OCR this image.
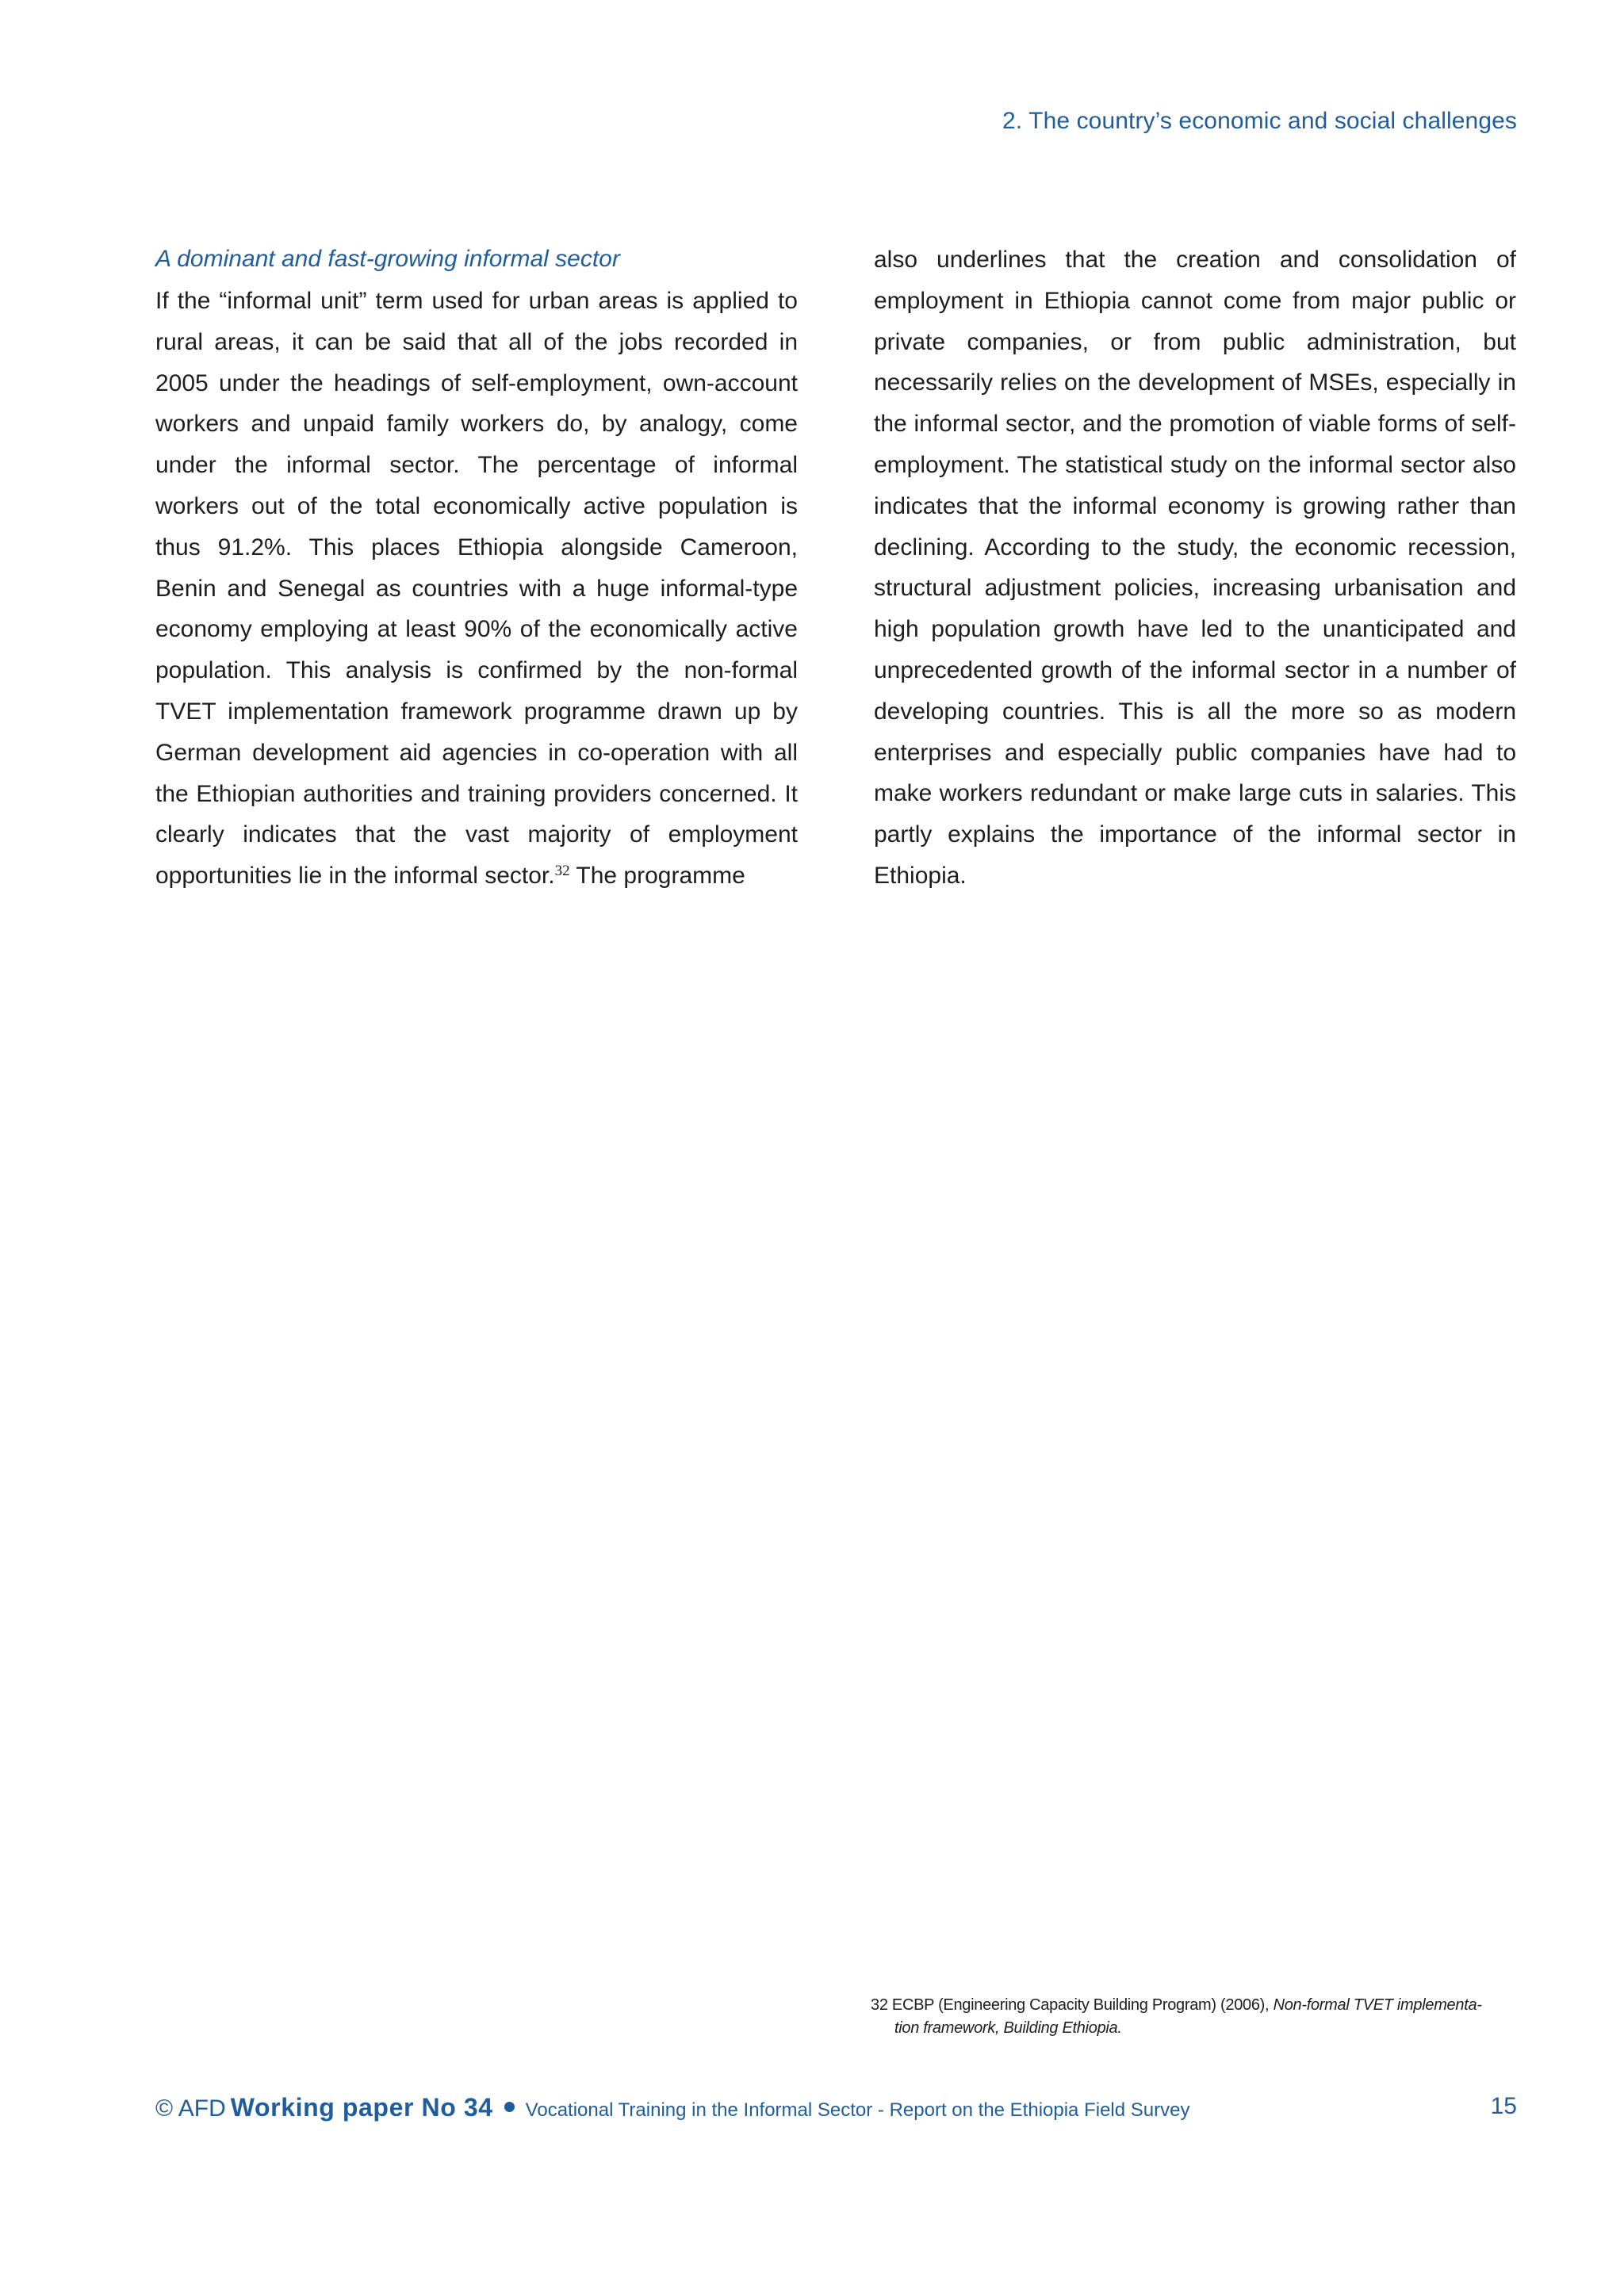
2. The country’s economic and social challenges

A dominant and fast-growing informal sector

If the “informal unit” term used for urban areas is applied to rural areas, it can be said that all of the jobs recorded in 2005 under the headings of self-employment, own-account workers and unpaid family workers do, by analogy, come under the informal sector. The percentage of informal workers out of the total economically active population is thus 91.2%. This places Ethiopia alongside Cameroon, Benin and Senegal as countries with a huge informal-type economy employing at least 90% of the economically active population. This analysis is confirmed by the non-formal TVET implementation framework programme drawn up by German development aid agencies in co-operation with all the Ethiopian authorities and training providers concerned. It clearly indicates that the vast majority of employment opportunities lie in the informal sector.$^{32}$ The programme

also underlines that the creation and consolidation of employment in Ethiopia cannot come from major public or private companies, or from public administration, but necessarily relies on the development of MSEs, especially in the informal sector, and the promotion of viable forms of self-employment. The statistical study on the informal sector also indicates that the informal economy is growing rather than declining. According to the study, the economic recession, structural adjustment policies, increasing urbanisation and high population growth have led to the unanticipated and unprecedented growth of the informal sector in a number of developing countries. This is all the more so as modern enterprises and especially public companies have had to make workers redundant or make large cuts in salaries. This partly explains the importance of the informal sector in Ethiopia.

32 ECBP (Engineering Capacity Building Program) (2006), Non-formal TVET implementa-
tion framework, Building Ethiopia.
© AFD Working paper No 34 Vocational Training in the Informal Sector - Report on the Ethiopia Field Survey	15
